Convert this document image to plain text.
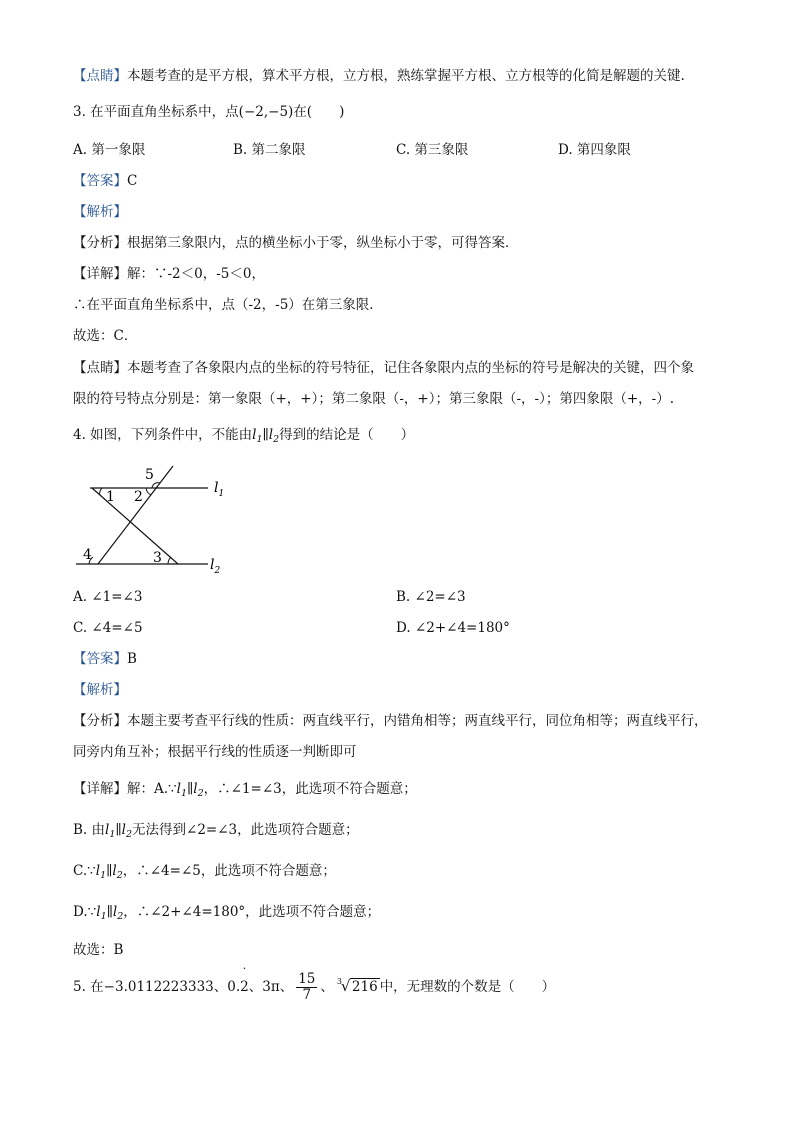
【点睛】本题考查的是平方根，算术平方根，立方根，熟练掌握平方根、立方根等的化简是解题的关键.
3. 在平面直角坐标系中，点(−2,−5)在(　　)
A. 第一象限	B. 第二象限	C. 第三象限	D. 第四象限
【答案】C
【解析】
【分析】根据第三象限内，点的横坐标小于零，纵坐标小于零，可得答案．
【详解】解：∵-2＜0，-5＜0，
∴在平面直角坐标系中，点（-2，-5）在第三象限．
故选：C．
【点睛】本题考查了各象限内点的坐标的符号特征，记住各象限内点的坐标的符号是解决的关键，四个象
限的符号特点分别是：第一象限（+，+）；第二象限（-，+）；第三象限（-，-）；第四象限（+，-）.
4. 如图，下列条件中，不能由$l_1\parallel l_2$得到的结论是（　　）
5
1 2
4	3
$l_1$
$l_2$
A. ∠1=∠3	B. ∠2=∠3
C. ∠4=∠5	D. ∠2+∠4=180°
【答案】B
【解析】
【分析】本题主要考查平行线的性质：两直线平行，内错角相等；两直线平行，同位角相等；两直线平行，
同旁内角互补；根据平行线的性质逐一判断即可
【详解】解：$A.\because l_1\parallel l_2$，∴∠1=∠3，此选项不符合题意；
B. 由$l_1\parallel l_2$无法得到∠2=∠3，此选项符合题意；
$C.\because l_1\parallel l_2$，∴∠4=∠5，此选项不符合题意；
$D.\because l_1\parallel l_2$，∴∠2+∠4=180°，此选项不符合题意；
故选：B
5. 在−3.0112223333、0.
·
2、3π、 $\frac{15}{7}$ 、 3
√ 216 中，无理数的个数是（　　）
